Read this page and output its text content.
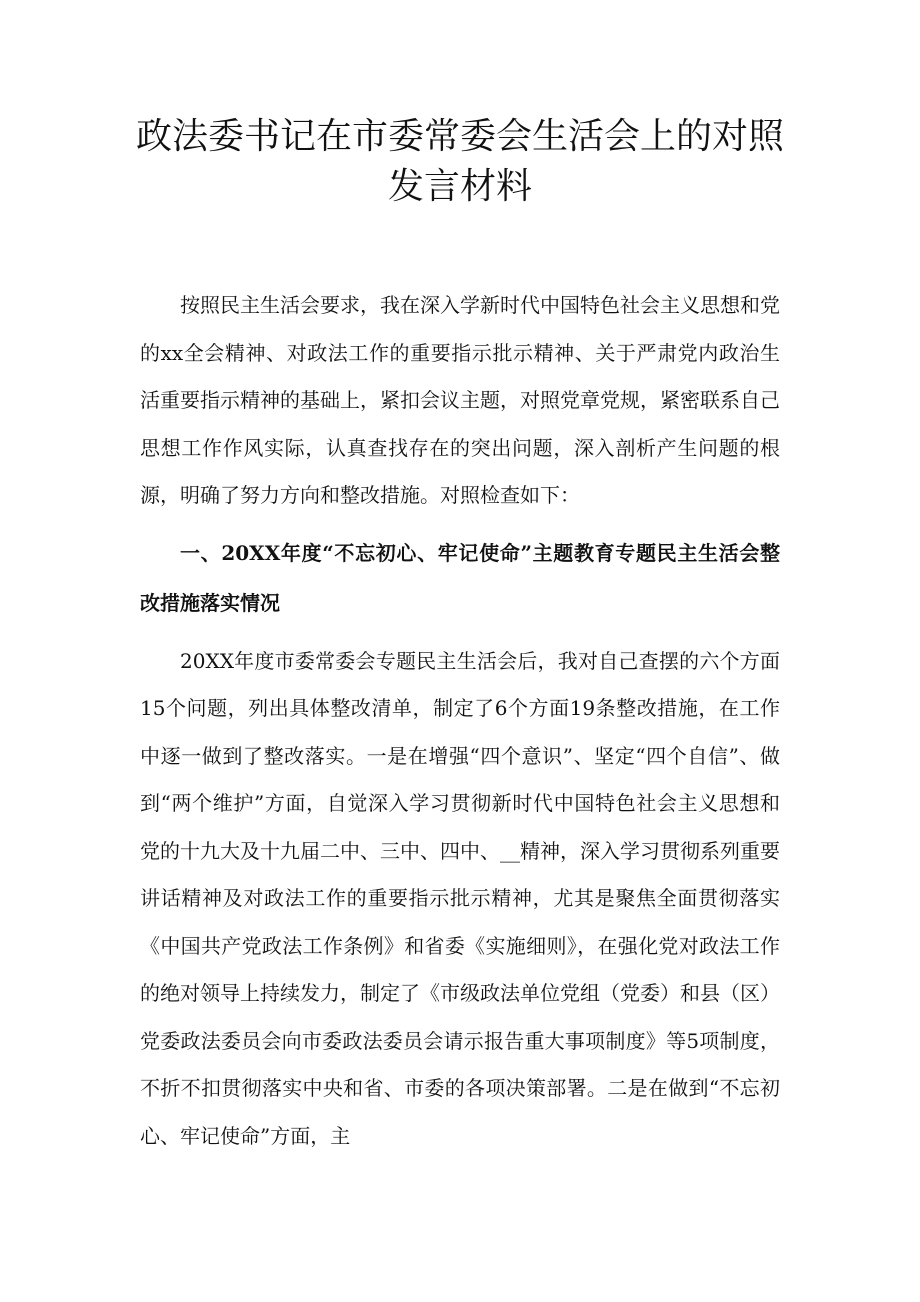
政法委书记在市委常委会生活会上的对照发言材料

按照民主生活会要求，我在深入学新时代中国特色社会主义思想和党的xx全会精神、对政法工作的重要指示批示精神、关于严肃党内政治生活重要指示精神的基础上，紧扣会议主题，对照党章党规，紧密联系自己思想工作作风实际，认真查找存在的突出问题，深入剖析产生问题的根源，明确了努力方向和整改措施。对照检查如下：

一、20XX年度“不忘初心、牢记使命”主题教育专题民主生活会整改措施落实情况

20XX年度市委常委会专题民主生活会后，我对自己查摆的六个方面15个问题，列出具体整改清单，制定了6个方面19条整改措施，在工作中逐一做到了整改落实。一是在增强“四个意识”、坚定“四个自信”、做到“两个维护”方面，自觉深入学习贯彻新时代中国特色社会主义思想和党的十九大及十九届二中、三中、四中、__精神，深入学习贯彻系列重要讲话精神及对政法工作的重要指示批示精神，尤其是聚焦全面贯彻落实《中国共产党政法工作条例》和省委《实施细则》，在强化党对政法工作的绝对领导上持续发力，制定了《市级政法单位党组（党委）和县（区）党委政法委员会向市委政法委员会请示报告重大事项制度》等5项制度，不折不扣贯彻落实中央和省、市委的各项决策部署。二是在做到“不忘初心、牢记使命”方面，主
